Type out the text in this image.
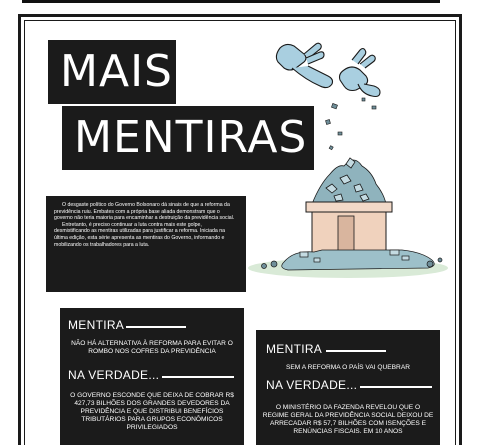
MAIS
MENTIRAS

O desgaste político do Governo Bolsonaro dá sinais de que a reforma da previdência ruiu. Embates com a própria base aliada demonstram que o governo não teria maioria para encaminhar a destruição da previdência social.

Entretanto, é preciso continuar a luta contra mais este golpe, desmistificando as mentiras utilizadas para justificar a reforma. Iniciada na última edição, esta série apresenta as mentiras do Governo, informando e mobilizando os trabalhadores para a luta.

MENTIRA
NÃO HÁ ALTERNATIVA À REFORMA PARA EVITAR O ROMBO NOS COFRES DA PREVIDÊNCIA
NA VERDADE...
O GOVERNO ESCONDE QUE DEIXA DE COBRAR R$ 427,73 BILHÕES DOS GRANDES DEVEDORES DA PREVIDÊNCIA E QUE DISTRIBUI BENEFÍCIOS TRIBUTÁRIOS PARA GRUPOS ECONÔMICOS PRIVILEGIADOS
MENTIRA
SEM A REFORMA O PAÍS VAI QUEBRAR
NA VERDADE...
O MINISTÉRIO DA FAZENDA REVELOU QUE O REGIME GERAL DA PREVIDÊNCIA SOCIAL DEIXOU DE ARRECADAR R$ 57,7 BILHÕES COM ISENÇÕES E RENÚNCIAS FISCAIS. EM 10 ANOS
